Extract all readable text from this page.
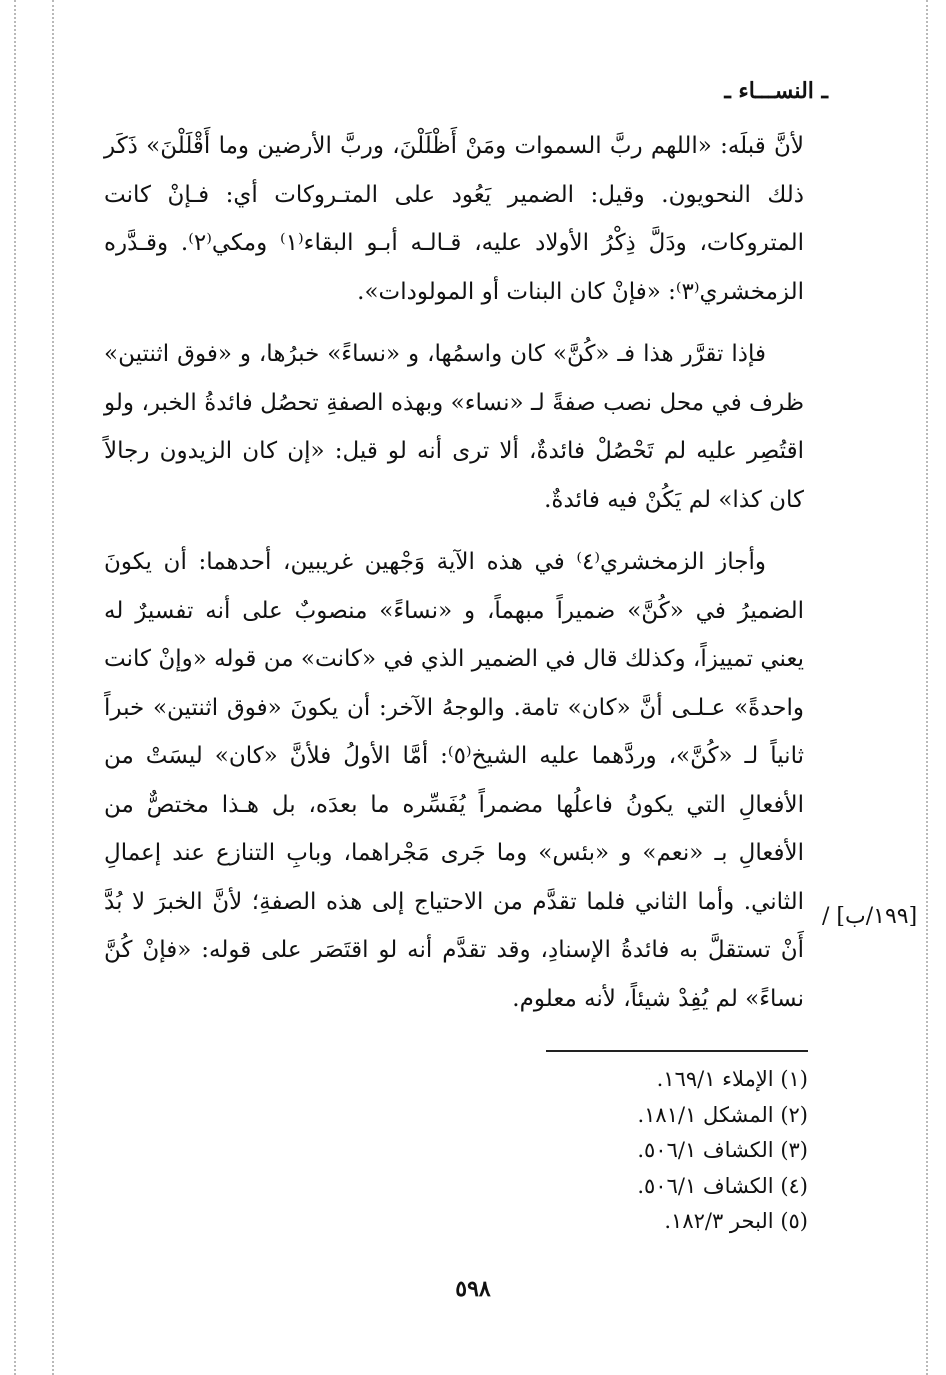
ـ النســـاء ـ

لأنَّ قبلَه: «اللهم ربَّ السموات ومَنْ أَظْلَلْنَ، وربَّ الأرضين وما أَقْلَلْنَ» ذَكَر ذلك النحويون. وقيل: الضمير يَعُود على المتـروكات أي: فـإنْ كانت المتروكات، ودَلَّ ذِكْرُ الأولاد عليه، قـالـه أبـو البقاء⁽١⁾ ومكي⁽٢⁾. وقـدَّره الزمخشري⁽٣⁾: «فإنْ كان البنات أو المولودات».

فإذا تقرَّر هذا فـ «كُنَّ» كان واسمُها، و «نساءً» خبرُها، و «فوق اثنتين» ظرف في محل نصب صفةً لـ «نساء» وبهذه الصفةِ تحصُل فائدةُ الخبر، ولو اقتُصِر عليه لم تَحْصُلْ فائدةٌ، ألا ترى أنه لو قيل: «إن كان الزيدون رجالاً كان كذا» لم يَكُنْ فيه فائدةٌ.

وأجاز الزمخشري⁽٤⁾ في هذه الآية وَجْهين غريبين، أحدهما: أن يكونَ الضميرُ في «كُنَّ» ضميراً مبهماً، و «نساءً» منصوبٌ على أنه تفسيرٌ له يعني تمييزاً، وكذلك قال في الضمير الذي في «كانت» من قوله «وإنْ كانت واحدةً» عـلـى أنَّ «كان» تامة. والوجهُ الآخر: أن يكونَ «فوق اثنتين» خبراً ثانياً لـ «كُنَّ»، وردَّهما عليه الشيخ⁽٥⁾: أمَّا الأولُ فلأنَّ «كان» ليسَتْ من الأفعالِ التي يكونُ فاعلُها مضمراً يُفَسِّره ما بعدَه، بل هـذا مختصٌّ من الأفعالِ بـ «نعم» و «بئس» وما جَرى مَجْراهما، وبابِ التنازع عند إعمالِ الثاني. وأما الثاني فلما تقدَّم من الاحتياج إلى هذه الصفةِ؛ لأنَّ الخبرَ لا بُدَّ أَنْ تستقلَّ به فائدةُ الإسنادِ، وقد تقدَّم أنه لو اقتَصَر على قوله: «فإنْ كُنَّ نساءً» لم يُفِدْ شيئاً، لأنه معلوم.

[١٩٩/ب] /
(١) الإملاء ١٦٩/١.
(٢) المشكل ١٨١/١.
(٣) الكشاف ٥٠٦/١.
(٤) الكشاف ٥٠٦/١.
(٥) البحر ١٨٢/٣.
٥٩٨
